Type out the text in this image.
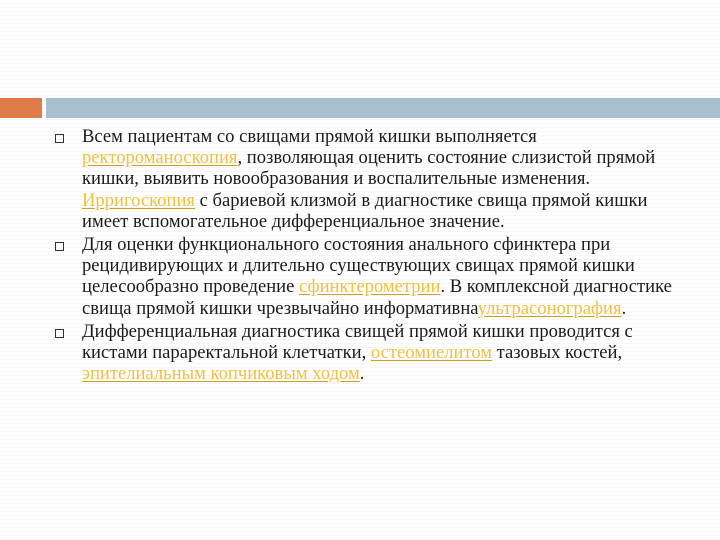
Всем пациентам со свищами прямой кишки выполняется ректороманоскопия, позволяющая оценить состояние слизистой прямой кишки, выявить новообразования и воспалительные изменения. Ирригоскопия с бариевой клизмой в диагностике свища прямой кишки имеет вспомогательное дифференциальное значение.

Для оценки функционального состояния анального сфинктера при рецидивирующих и длительно существующих свищах прямой кишки целесообразно проведение сфинктерометрии. В комплексной диагностике свища прямой кишки чрезвычайно информативнаультрасонография.

Дифференциальная диагностика свищей прямой кишки проводится с кистами параректальной клетчатки, остеомиелитом тазовых костей, эпителиальным копчиковым ходом.
